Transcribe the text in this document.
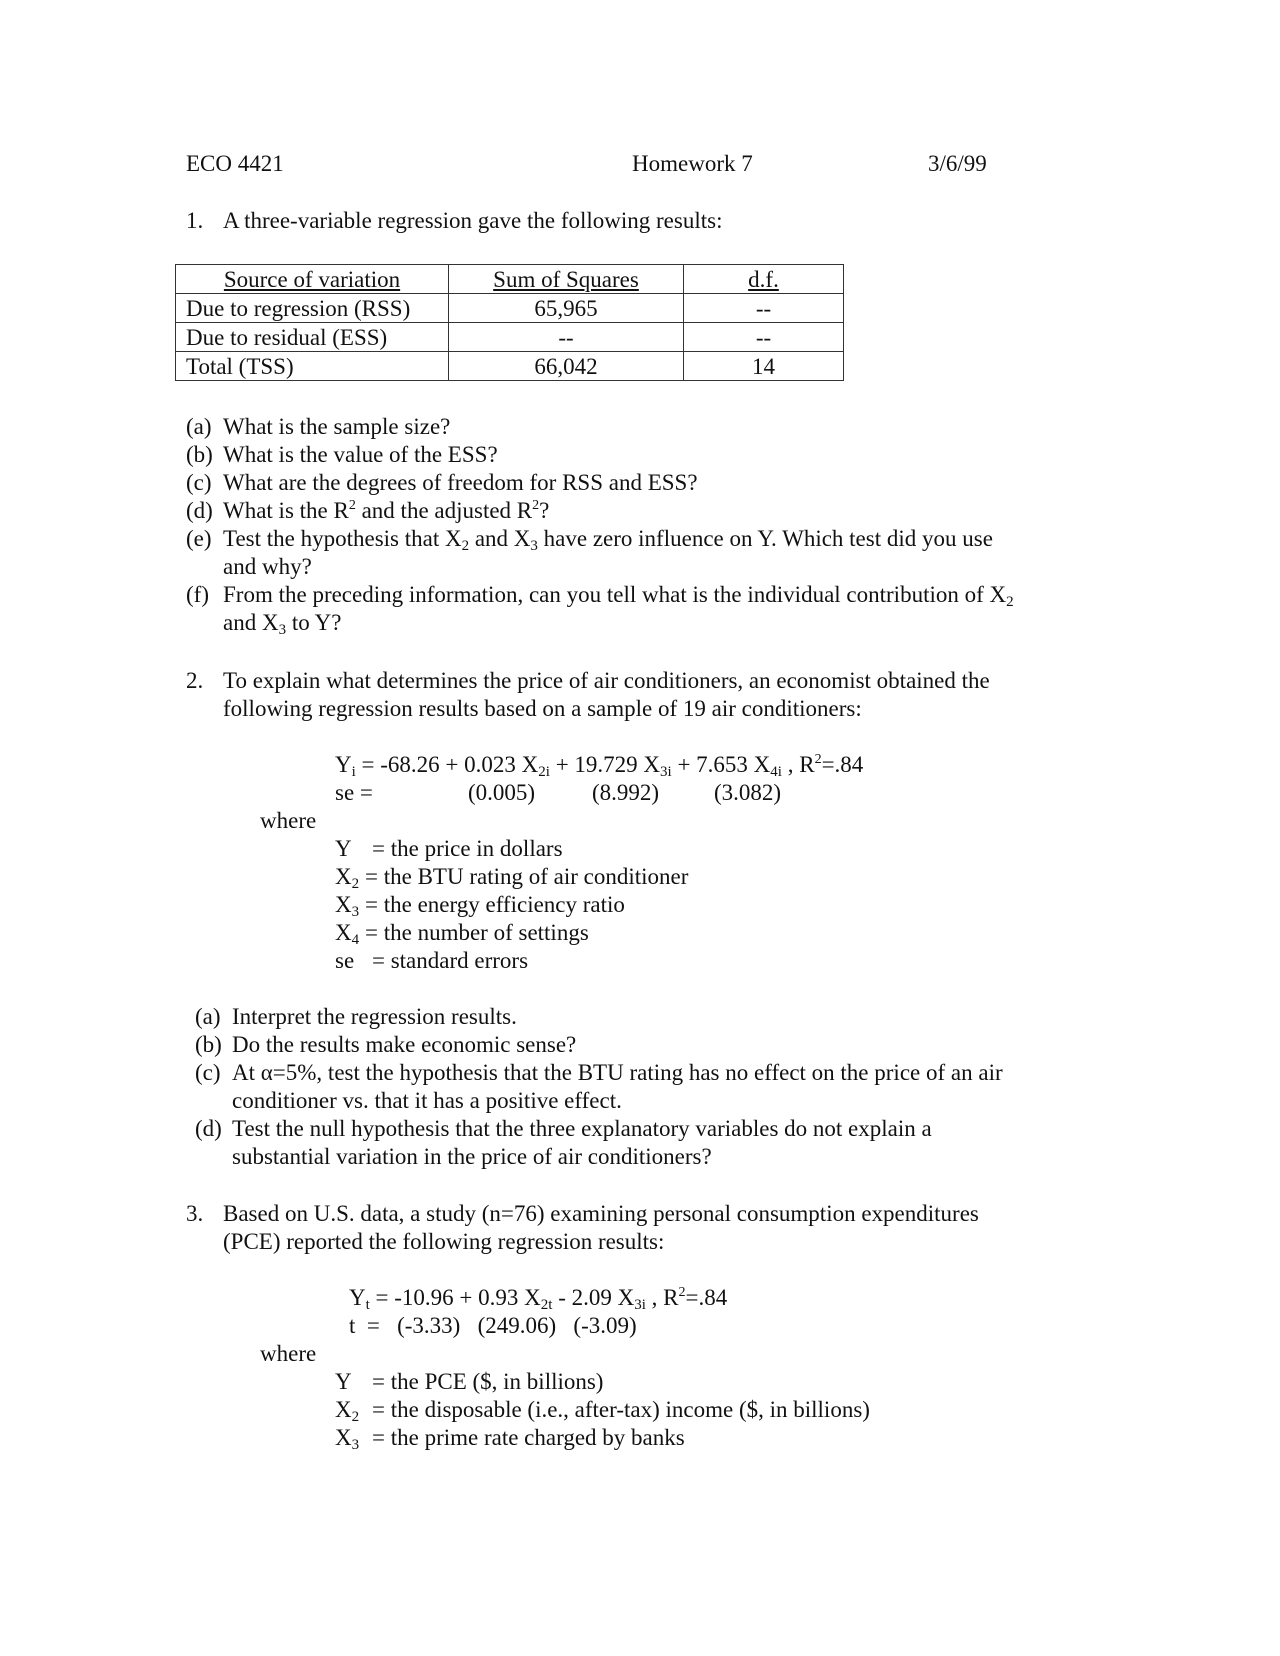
ECO 4421	Homework 7	3/6/99
1. A three-variable regression gave the following results:
Source of variation	Sum of Squares	d.f.
Due to regression (RSS)	65,965	--
Due to residual (ESS)	--	--
Total (TSS)	66,042	14
(a) What is the sample size?
(b) What is the value of the ESS?
(c) What are the degrees of freedom for RSS and ESS?
(d) What is the $R^2$ and the adjusted $R^2$?
(e) Test the hypothesis that $X_2$ and $X_3$ have zero influence on Y. Which test did you use
and why?
(f) From the preceding information, can you tell what is the individual contribution of $X_2$
and $X_3$ to Y?
2. To explain what determines the price of air conditioners, an economist obtained the
following regression results based on a sample of 19 air conditioners:
$Y_i = -68.26 + 0.023$ $X_{2i} + 19.729$ $X_{3i} + 7.653$ $X_{4i}$ , $R^2=.84$
se =	(0.005) (8.992) (3.082)
where
Y = the price in dollars
$X_2$ = the BTU rating of air conditioner
$X_3$ = the energy efficiency ratio
$X_4$ = the number of settings
se = standard errors
(a) Interpret the regression results.
(b) Do the results make economic sense?
(c) At α=5%, test the hypothesis that the BTU rating has no effect on the price of an air
conditioner vs. that it has a positive effect.
(d) Test the null hypothesis that the three explanatory variables do not explain a
substantial variation in the price of air conditioners?
3. Based on U.S. data, a study (n=76) examining personal consumption expenditures
(PCE) reported the following regression results:
$Y_t = -10.96 + 0.93$ $X_{2t} - 2.09$ $X_{3i}$ , $R^2=.84$
t  =   (-3.33)   (249.06)   (-3.09)
where
Y = the PCE ($, in billions)
$X_2$ = the disposable (i.e., after-tax) income ($, in billions)
$X_3$ = the prime rate charged by banks
